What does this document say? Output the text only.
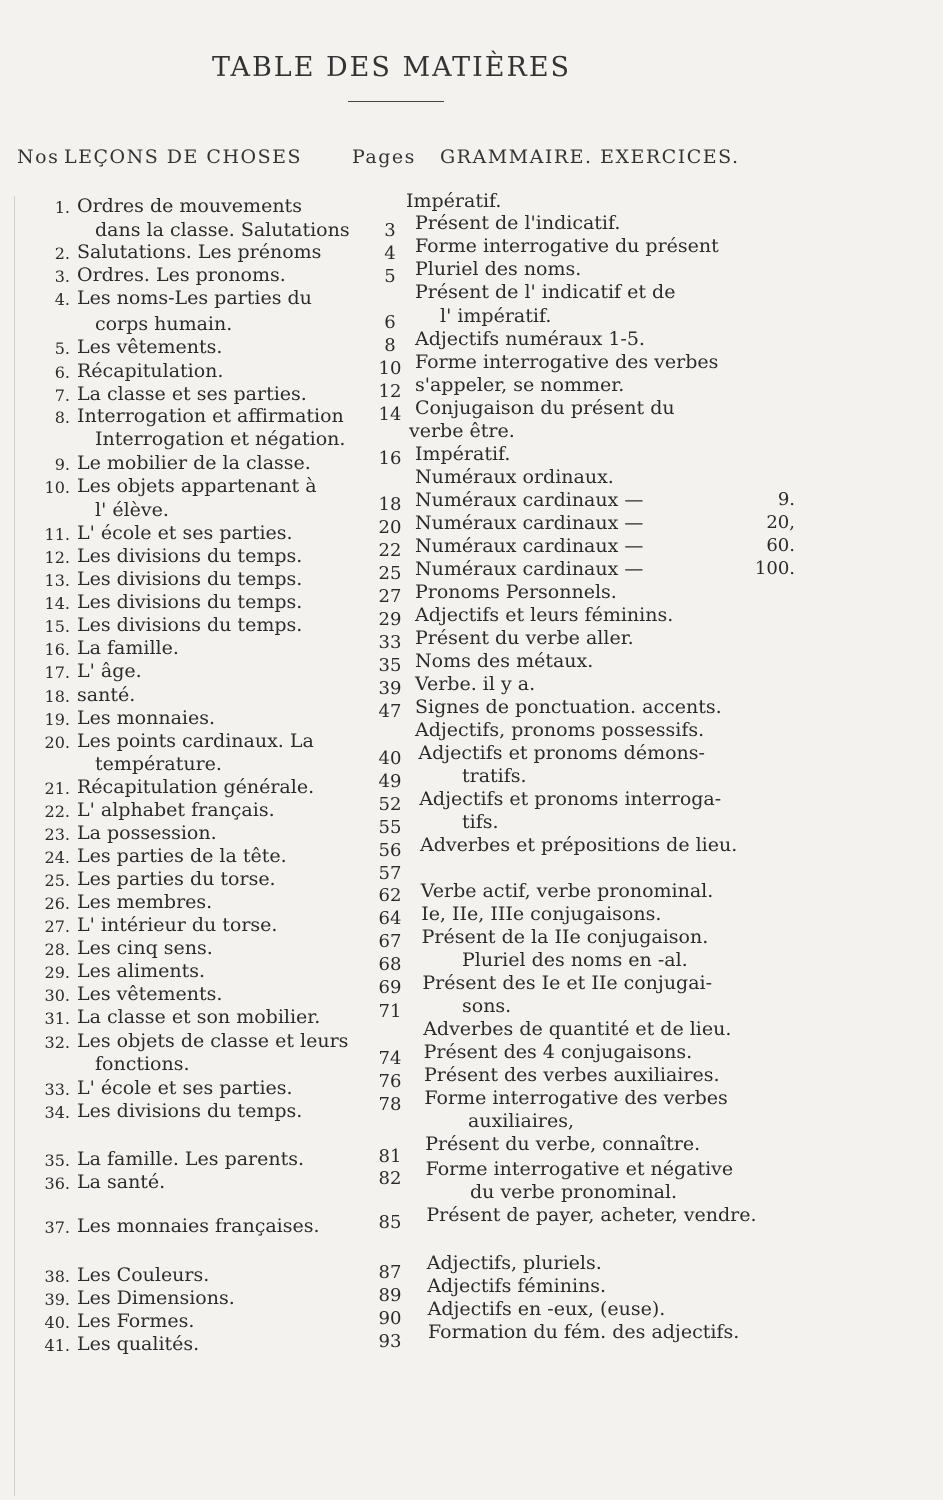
TABLE DES MATIÈRES
Nos LEÇONS DE CHOSES	Pages GRAMMAIRE. EXERCICES.
Impératif.
1. Ordres de mouvements
dans la classe. Salutations	3	Présent de l'indicatif.
2. Salutations. Les prénoms	4	Forme interrogative du présent
3. Ordres. Les pronoms.	5	Pluriel des noms.
4. Les noms-Les parties du	Présent de l' indicatif et de
corps humain.	6	l' impératif.
5. Les vêtements.	8	Adjectifs numéraux 1-5.
6. Récapitulation.	10 Forme interrogative des verbes
7. La classe et ses parties.	12 s'appeler, se nommer.
8. Interrogation et affirmation	14 Conjugaison du présent du
Interrogation et négation.	verbe être.
9. Le mobilier de la classe.	16 Impératif.
10. Les objets appartenant à	Numéraux ordinaux.
l' élève.	18 Numéraux cardinaux —	9.
11. L' école et ses parties.	20 Numéraux cardinaux —	20,
12. Les divisions du temps.	22 Numéraux cardinaux —	60.
13. Les divisions du temps.	25 Numéraux cardinaux —	100.
14. Les divisions du temps.	27 Pronoms Personnels.
15. Les divisions du temps.	29 Adjectifs et leurs féminins.
16. La famille.	33 Présent du verbe aller.
17. L' âge.	35 Noms des métaux.
18. santé.	39 Verbe. il y a.
19. Les monnaies.	47 Signes de ponctuation. accents.
20. Les points cardinaux. La	Adjectifs, pronoms possessifs.
température.	40 Adjectifs et pronoms démons-
21. Récapitulation générale.	49	tratifs.
22. L' alphabet français.	52 Adjectifs et pronoms interroga-
23. La possession.	55	tifs.
24. Les parties de la tête.	56 Adverbes et prépositions de lieu.
25. Les parties du torse.	57
26. Les membres.	62	Verbe actif, verbe pronominal.
27. L' intérieur du torse.	64	Ie, IIe, IIIe conjugaisons.
28. Les cinq sens.	67	Présent de la IIe conjugaison.
29. Les aliments.	68	Pluriel des noms en -al.
30. Les vêtements.	69	Présent des Ie et IIe conjugai-
31. La classe et son mobilier.	71	sons.
32. Les objets de classe et leurs
Adverbes de quantité et de lieu.
fonctions.	74	Présent des 4 conjugaisons.
33. L' école et ses parties.	76	Présent des verbes auxiliaires.
34. Les divisions du temps.	78	Forme interrogative des verbes
auxiliaires,
35. La famille. Les parents.	81
Présent du verbe, connaître.
36. La santé.	82	Forme interrogative et négative
du verbe pronominal.
37. Les monnaies françaises.	85	Présent de payer, acheter, vendre.
38. Les Couleurs.	87	Adjectifs, pluriels.
39. Les Dimensions.	89	Adjectifs féminins.
40. Les Formes.	90	Adjectifs en -eux, (euse).
41. Les qualités.	93	Formation du fém. des adjectifs.
